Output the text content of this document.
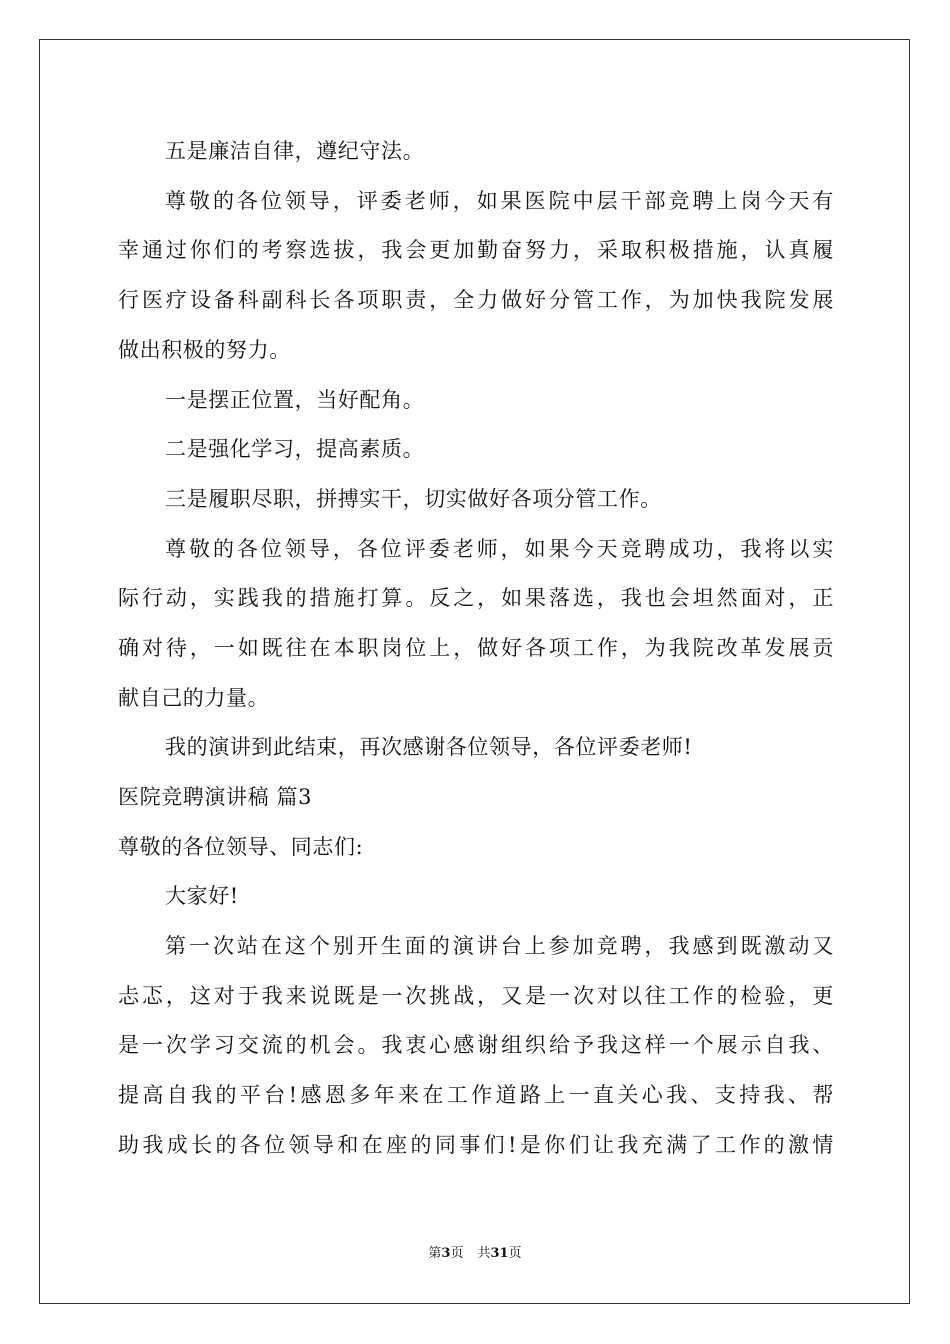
五是廉洁自律，遵纪守法。
尊敬的各位领导，评委老师，如果医院中层干部竞聘上岗今天有
幸通过你们的考察选拔，我会更加勤奋努力，采取积极措施，认真履
行医疗设备科副科长各项职责，全力做好分管工作，为加快我院发展
做出积极的努力。
一是摆正位置，当好配角。
二是强化学习，提高素质。
三是履职尽职，拼搏实干，切实做好各项分管工作。
尊敬的各位领导，各位评委老师，如果今天竞聘成功，我将以实
际行动，实践我的措施打算。反之，如果落选，我也会坦然面对，正
确对待，一如既往在本职岗位上，做好各项工作，为我院改革发展贡
献自己的力量。
我的演讲到此结束，再次感谢各位领导，各位评委老师!
医院竞聘演讲稿 篇3
尊敬的各位领导、同志们:
大家好!
第一次站在这个别开生面的演讲台上参加竞聘，我感到既激动又
忐忑，这对于我来说既是一次挑战，又是一次对以往工作的检验，更
是一次学习交流的机会。我衷心感谢组织给予我这样一个展示自我、
提高自我的平台!感恩多年来在工作道路上一直关心我、支持我、帮
助我成长的各位领导和在座的同事们!是你们让我充满了工作的激情
第3页 共31页
